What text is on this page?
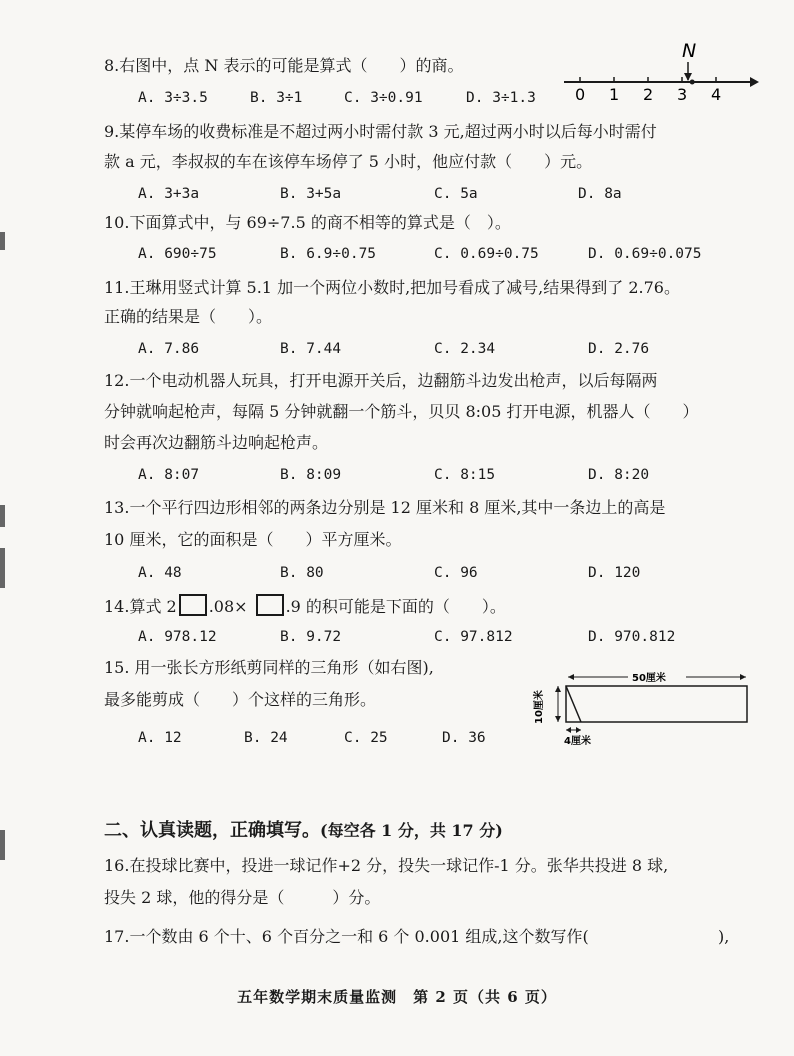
8.右图中，点 N 表示的可能是算式（　　）的商。
A. 3÷3.5	B. 3÷1	C. 3÷0.91	D. 3÷1.3
N
0 1 2 3 4
9.某停车场的收费标准是不超过两小时需付款 3 元,超过两小时以后每小时需付
款 a 元，李叔叔的车在该停车场停了 5 小时，他应付款（　　）元。
A. 3+3a	B. 3+5a	C. 5a	D. 8a
10.下面算式中，与 69÷7.5 的商不相等的算式是（　）。
A. 690÷75	B. 6.9÷0.75	C. 0.69÷0.75	D. 0.69÷0.075
11.王琳用竖式计算 5.1 加一个两位小数时,把加号看成了减号,结果得到了 2.76。
正确的结果是（　　）。
A. 7.86	B. 7.44	C. 2.34	D. 2.76
12.一个电动机器人玩具，打开电源开关后，边翻筋斗边发出枪声，以后每隔两
分钟就响起枪声，每隔 5 分钟就翻一个筋斗，贝贝 8:05 打开电源，机器人（　　）
时会再次边翻筋斗边响起枪声。
A. 8:07	B. 8:09	C. 8:15	D. 8:20
13.一个平行四边形相邻的两条边分别是 12 厘米和 8 厘米,其中一条边上的高是
10 厘米，它的面积是（　　）平方厘米。
A. 48	B. 80	C. 96	D. 120
14.算式 2 .08× .9 的积可能是下面的（　　）。
A. 978.12	B. 9.72	C. 97.812	D. 970.812
15. 用一张长方形纸剪同样的三角形（如右图),
最多能剪成（　　）个这样的三角形。
A. 12	B. 24	C. 25	D. 36
50厘米
10厘米
4厘米
二、认真读题，正确填写。(每空各 1 分，共 17 分)
16.在投球比赛中，投进一球记作+2 分，投失一球记作-1 分。张华共投进 8 球,
投失 2 球，他的得分是（　　　）分。
17.一个数由 6 个十、6 个百分之一和 6 个 0.001 组成,这个数写作(	),
五年数学期末质量监测　第 2 页（共 6 页）
